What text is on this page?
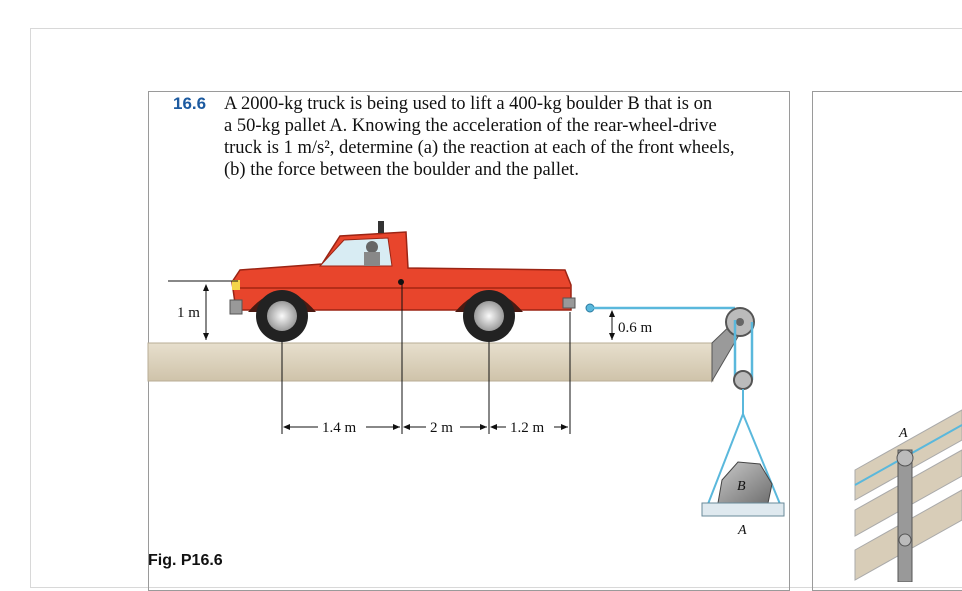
16.6 A 2000-kg truck is being used to lift a 400-kg boulder B that is on
a 50-kg pallet A. Knowing the acceleration of the rear-wheel-drive
truck is 1 m/s², determine (a) the reaction at each of the front wheels,
(b) the force between the boulder and the pallet.
B
A
1 m
0.6 m
1.4 m	2 m	1.2 m	A
Fig. P16.6
